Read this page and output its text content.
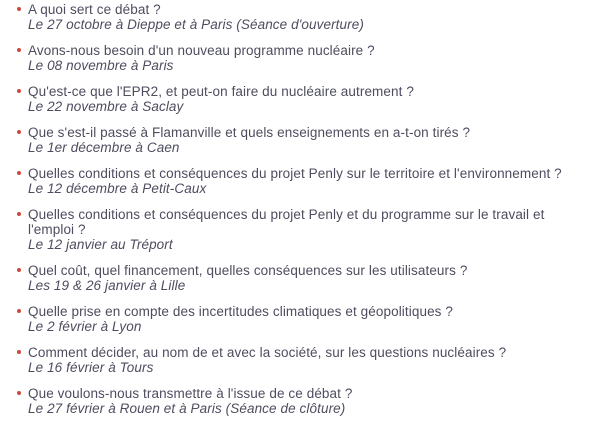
A quoi sert ce débat ?
Le 27 octobre à Dieppe et à Paris (Séance d'ouverture)
Avons-nous besoin d'un nouveau programme nucléaire ?
Le 08 novembre à Paris
Qu'est-ce que l'EPR2, et peut-on faire du nucléaire autrement ?
Le 22 novembre à Saclay
Que s'est-il passé à Flamanville et quels enseignements en a-t-on tirés ?
Le 1er décembre à Caen
Quelles conditions et conséquences du projet Penly sur le territoire et l'environnement ?
Le 12 décembre à Petit-Caux
Quelles conditions et conséquences du projet Penly et du programme sur le travail et l'emploi ?
Le 12 janvier au Tréport
Quel coût, quel financement, quelles conséquences sur les utilisateurs ?
Les 19 & 26 janvier à Lille
Quelle prise en compte des incertitudes climatiques et géopolitiques ?
Le 2 février à Lyon
Comment décider, au nom de et avec la société, sur les questions nucléaires ?
Le 16 février à Tours
Que voulons-nous transmettre à l'issue de ce débat ?
Le 27 février à Rouen et à Paris (Séance de clôture)
